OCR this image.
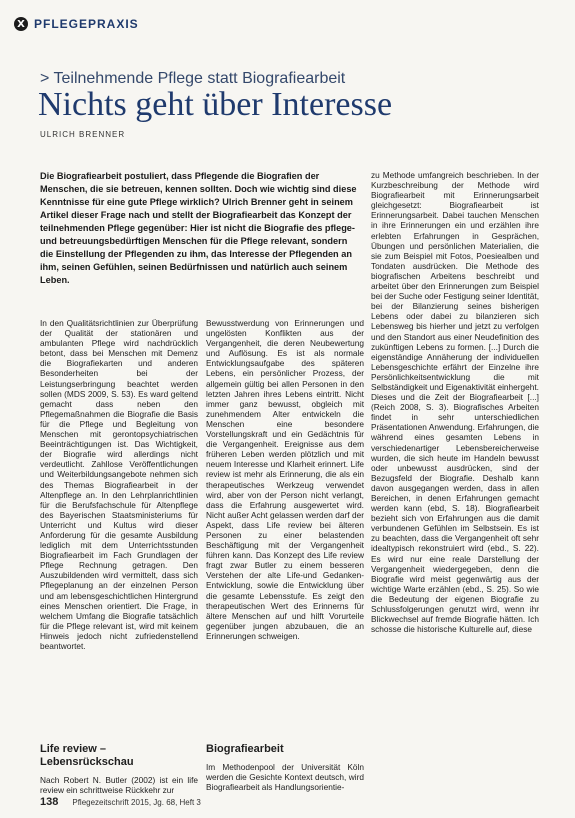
X PFLEGEPRAXIS
> Teilnehmende Pflege statt Biografiearbeit
Nichts geht über Interesse
ULRICH BRENNER
Die Biografiearbeit postuliert, dass Pflegende die Biografien der Menschen, die sie betreuen, kennen sollten. Doch wie wichtig sind diese Kenntnisse für eine gute Pflege wirklich? Ulrich Brenner geht in seinem Artikel dieser Frage nach und stellt der Biografiearbeit das Konzept der teilnehmenden Pflege gegenüber: Hier ist nicht die Biografie des pflege- und betreuungsbedürftigen Menschen für die Pflege relevant, sondern die Einstellung der Pflegenden zu ihm, das Interesse der Pflegenden an ihm, seinen Gefühlen, seinen Bedürfnissen und natürlich auch seinem Leben.

In den Qualitätsrichtlinien zur Überprüfung der Qualität der stationären und ambulanten Pflege wird nachdrücklich betont, dass bei Menschen mit Demenz die Biografiekarten und anderen Besonderheiten bei der Leistungserbringung beachtet werden sollen (MDS 2009, S. 53). Es ward geltend gemacht dass neben den Pflegemaßnahmen die Biografie die Basis für die Pflege und Begleitung von Menschen mit gerontopsychiatrischen Beeinträchtigungen ist. Das Wichtigkeit, der Biografie wird allerdings nicht verdeutlicht. Zahllose Veröffentlichungen und Weiterbildungsangebote nehmen sich des Themas Biografiearbeit in der Altenpflege an. In den Lehrplanrichtlinien für die Berufsfachschule für Altenpflege des Bayerischen Staatsministeriums für Unterricht und Kultus wird dieser Anforderung für die gesamte Ausbildung lediglich mit dem Unterrichtsstunden Biografiearbeit im Fach Grundlagen der Pflege Rechnung getragen. Den Auszubildenden wird vermittelt, dass sich Pflegeplanung an der einzelnen Person und am lebensgeschichtlichen Hintergrund eines Menschen orientiert. Die Frage, in welchem Umfang die Biografie tatsächlich für die Pflege relevant ist, wird mit keinem Hinweis jedoch nicht zufriedenstellend beantwortet.

Bewusstwerdung von Erinnerungen und ungelösten Konflikten aus der Vergangenheit, die deren Neubewertung und Auflösung. Es ist als normale Entwicklungsaufgabe des späteren Lebens, ein persönlicher Prozess, der allgemein gültig bei allen Personen in den letzten Jahren ihres Lebens eintritt. Nicht immer ganz bewusst, obgleich mit zunehmendem Alter entwickeln die Menschen eine besondere Vorstellungskraft und ein Gedächtnis für die Vergangenheit. Ereignisse aus dem früheren Leben werden plötzlich und mit neuem Interesse und Klarheit erinnert. Life review ist mehr als Erinnerung, die als ein therapeutisches Werkzeug verwendet wird, aber von der Person nicht verlangt, dass die Erfahrung ausgewertet wird. Nicht außer Acht gelassen werden darf der Aspekt, dass Life review bei älteren Personen zu einer belastenden Beschäftigung mit der Vergangenheit führen kann. Das Konzept des Life review fragt zwar Butler zu einem besseren Verstehen der alte Life-und Gedanken-Entwicklung, sowie die Entwicklung über die gesamte Lebensstufe. Es zeigt den therapeutischen Wert des Erinnerns für ältere Menschen auf und hilft Vorurteile gegenüber jungen abzubauen, die an Erinnerungen schweigen.

zu Methode umfangreich beschrieben. In der Kurzbeschreibung der Methode wird Biografiearbeit mit Erinnerungsarbeit gleichgesetzt: Biografiearbeit ist Erinnerungsarbeit. Dabei tauchen Menschen in ihre Erinnerungen ein und erzählen ihre erlebten Erfahrungen in Gesprächen, Übungen und persönlichen Materialien, die sie zum Beispiel mit Fotos, Poesiealben und Tondaten ausdrücken. Die Methode des biografischen Arbeitens beschreibt und arbeitet über den Erinnerungen zum Beispiel bei der Suche oder Festigung seiner Identität, bei der Bilanzierung seines bisherigen Lebens oder dabei zu bilanzieren sich Lebensweg bis hierher und jetzt zu verfolgen und den Standort aus einer Neudefinition des zukünftigen Lebens zu formen. [...] Durch die eigenständige Annäherung der individuellen Lebensgeschichte erfährt der Einzelne ihre Persönlichkeitsentwicklung die mit Selbständigkeit und Eigenaktivität einhergeht. Dieses und die Zeit der Biografiearbeit [...] (Reich 2008, S. 3). Biografisches Arbeiten findet in sehr unterschiedlichen Präsentationen Anwendung. Erfahrungen, die während eines gesamten Lebens in verschiedenartiger Lebensbereicherweise wurden, die sich heute im Handeln bewusst oder unbewusst ausdrücken, sind der Bezugsfeld der Biografie. Deshalb kann davon ausgegangen werden, dass in allen Bereichen, in denen Erfahrungen gemacht werden kann (ebd, S. 18). Biografiearbeit bezieht sich von Erfahrungen aus die damit verbundenen Gefühlen im Selbstsein. Es ist zu beachten, dass die Vergangenheit oft sehr idealtypisch rekonstruiert wird (ebd., S. 22). Es wird nur eine reale Darstellung der Vergangenheit wiedergegeben, denn die Biografie wird meist gegenwärtig aus der wichtige Warte erzählen (ebd., S. 25). So wie die Bedeutung der eigenen Biografie zu Schlussfolgerungen genutzt wird, wenn ihr Blickwechsel auf fremde Biografie hätten. Ich schosse die historische Kulturelle auf, diese

Life review – Lebensrückschau
Nach Robert N. Butler (2002) ist ein life review ein schrittweise Rückkehr zur
Biografiearbeit
Im Methodenpool der Universität Köln werden die Gesichte Kontext deutsch, wird Biografiearbeit als Handlungsorientie-
138 Pflegezeitschrift 2015, Jg. 68, Heft 3
